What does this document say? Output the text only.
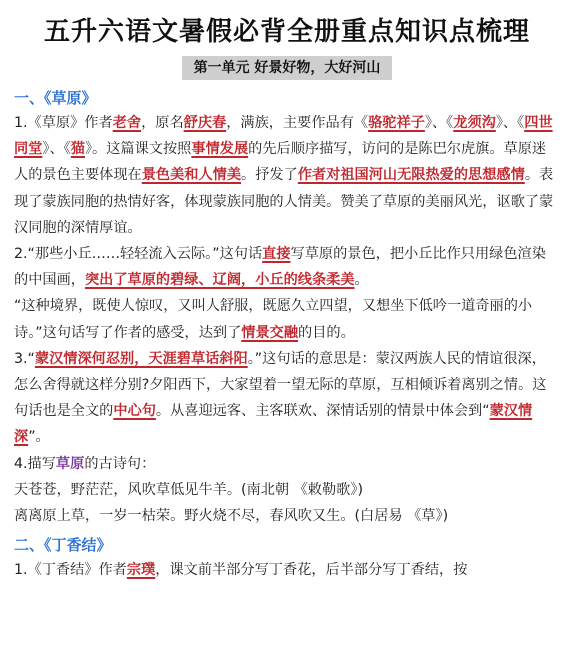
五升六语文暑假必背全册重点知识点梳理
第一单元 好景好物，大好河山
一、《草原》

1.《草原》作者老舍，原名舒庆春，满族，主要作品有《骆驼祥子》、《龙须沟》、《四世同堂》、《猫》。这篇课文按照事情发展的先后顺序描写，访问的是陈巴尔虎旗。草原迷人的景色主要体现在景色美和人情美。抒发了作者对祖国河山无限热爱的思想感情。表现了蒙族同胞的热情好客，体现蒙族同胞的人情美。赞美了草原的美丽风光，讴歌了蒙汉同胞的深情厚谊。

2.“那些小丘……轻轻流入云际。”这句话直接写草原的景色，把小丘比作只用绿色渲染的中国画，突出了草原的碧绿、辽阔，小丘的线条柔美。

“这种境界，既使人惊叹，又叫人舒服，既愿久立四望，又想坐下低吟一道奇丽的小诗。”这句话写了作者的感受，达到了情景交融的目的。

3.“蒙汉情深何忍别，天涯碧草话斜阳。”这句话的意思是：蒙汉两族人民的情谊很深，怎么舍得就这样分别?夕阳西下，大家望着一望无际的草原，互相倾诉着离别之情。这句话也是全文的中心句。从喜迎远客、主客联欢、深情话别的情景中体会到“蒙汉情深”。

4.描写草原的古诗句：

天苍苍，野茫茫，风吹草低见牛羊。(南北朝 《敕勒歌》)

离离原上草，一岁一枯荣。野火烧不尽，春风吹又生。(白居易 《草》)

二、《丁香结》

1.《丁香结》作者宗璞，课文前半部分写丁香花，后半部分写丁香结，按
